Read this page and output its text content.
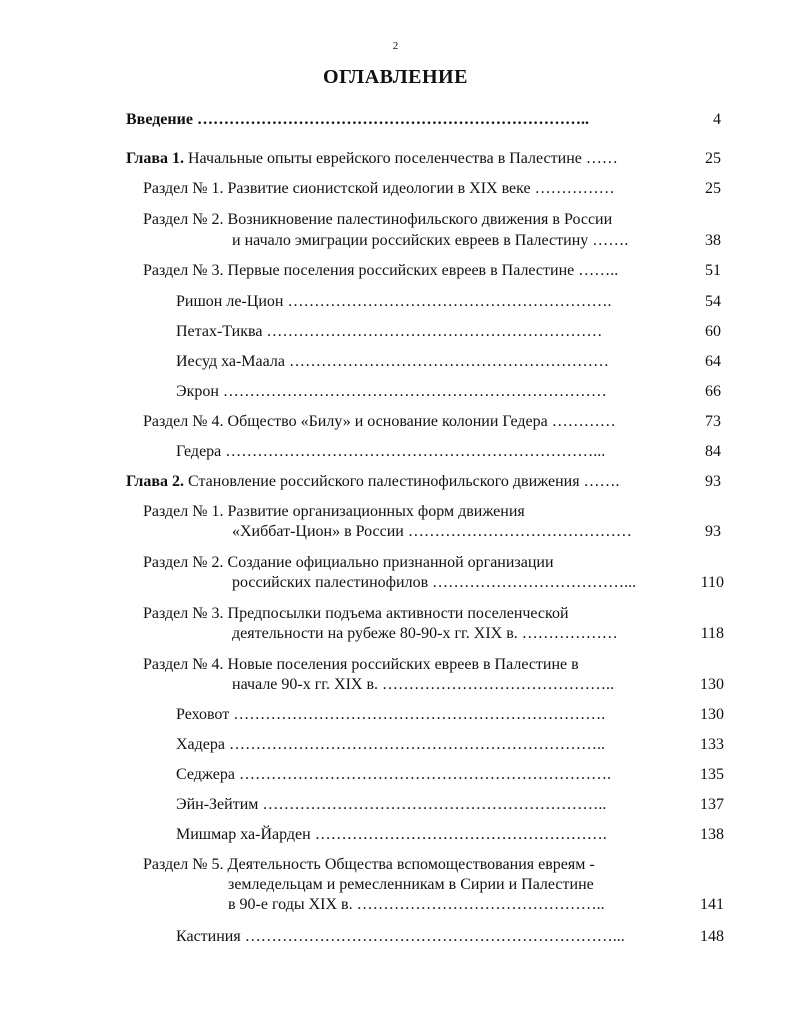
2
ОГЛАВЛЕНИЕ
Введение ………………………………………………………………..	4
Глава 1. Начальные опыты еврейского поселенчества в Палестине ……	25
Раздел № 1. Развитие сионистской идеологии в XIX веке ……………	25
Раздел № 2. Возникновение палестинофильского движения в России
и начало эмиграции российских евреев в Палестину …….	38
Раздел № 3. Первые поселения российских евреев в Палестине ……..	51
Ришон ле-Цион …………………………………………………….	54
Петах-Тиква ………………………………………………………	60
Иесуд ха-Маала ……………………………………………………	64
Экрон ………………………………………………………………	66
Раздел № 4. Общество «Билу» и основание колонии Гедера …………	73
Гедера ……………………………………………………………...	84
Глава 2. Становление российского палестинофильского движения …….	93
Раздел № 1. Развитие организационных форм движения
«Хиббат-Цион» в России ……………………………………	93
Раздел № 2. Создание официально признанной организации
российских палестинофилов ………………………………...	110
Раздел № 3. Предпосылки подъема активности поселенческой
деятельности на рубеже 80-90-х гг. XIX в. ………………	118
Раздел № 4. Новые поселения российских евреев в Палестине в
начале 90-х гг. XIX в. ……………………………………..	130
Реховот …………………………………………………………….	130
Хадера ……………………………………………………………..	133
Седжера …………………………………………………………….	135
Эйн-Зейтим ………………………………………………………..	137
Мишмар ха-Йарден ……………………………………………….	138
Раздел № 5. Деятельность Общества вспомоществования евреям -
земледельцам и ремесленникам в Сирии и Палестине
в 90-е годы XIX в. ………………………………………..	141
Кастиния ……………………………………………………………...	148
